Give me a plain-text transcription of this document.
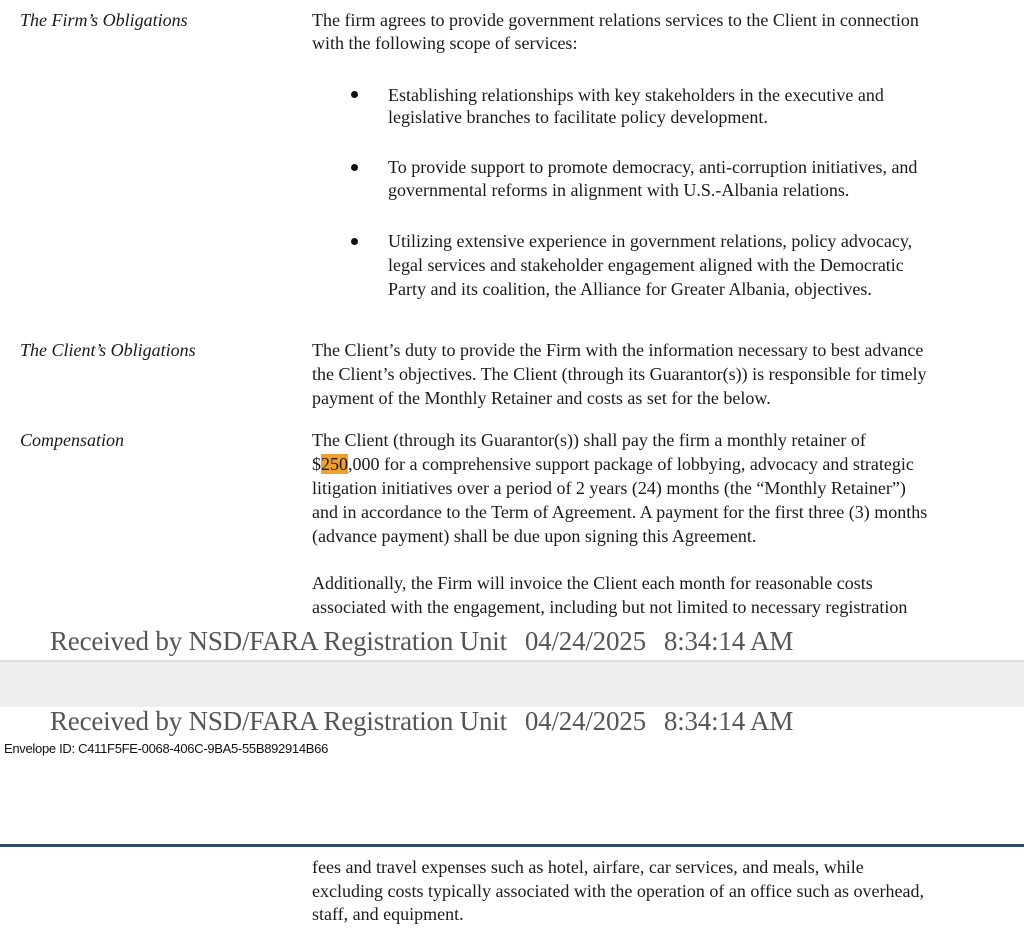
The Firm’s Obligations	The firm agrees to provide government relations services to the Client in connection
with the following scope of services:
Establishing relationships with key stakeholders in the executive and
legislative branches to facilitate policy development.
To provide support to promote democracy, anti-corruption initiatives, and
governmental reforms in alignment with U.S.-Albania relations.
Utilizing extensive experience in government relations, policy advocacy,
legal services and stakeholder engagement aligned with the Democratic
Party and its coalition, the Alliance for Greater Albania, objectives.
The Client’s Obligations	The Client’s duty to provide the Firm with the information necessary to best advance
the Client’s objectives. The Client (through its Guarantor(s)) is responsible for timely
payment of the Monthly Retainer and costs as set for the below.
Compensation	The Client (through its Guarantor(s)) shall pay the firm a monthly retainer of
$250,000 for a comprehensive support package of lobbying, advocacy and strategic
litigation initiatives over a period of 2 years (24) months (the “Monthly Retainer”)
and in accordance to the Term of Agreement. A payment for the first three (3) months
(advance payment) shall be due upon signing this Agreement.
Additionally, the Firm will invoice the Client each month for reasonable costs
associated with the engagement, including but not limited to necessary registration
Received by NSD/FARA Registration Unit 04/24/2025 8:34:14 AM
Received by NSD/FARA Registration Unit 04/24/2025 8:34:14 AM
Envelope ID: C411F5FE-0068-406C-9BA5-55B892914B66
fees and travel expenses such as hotel, airfare, car services, and meals, while
excluding costs typically associated with the operation of an office such as overhead,
staff, and equipment.
